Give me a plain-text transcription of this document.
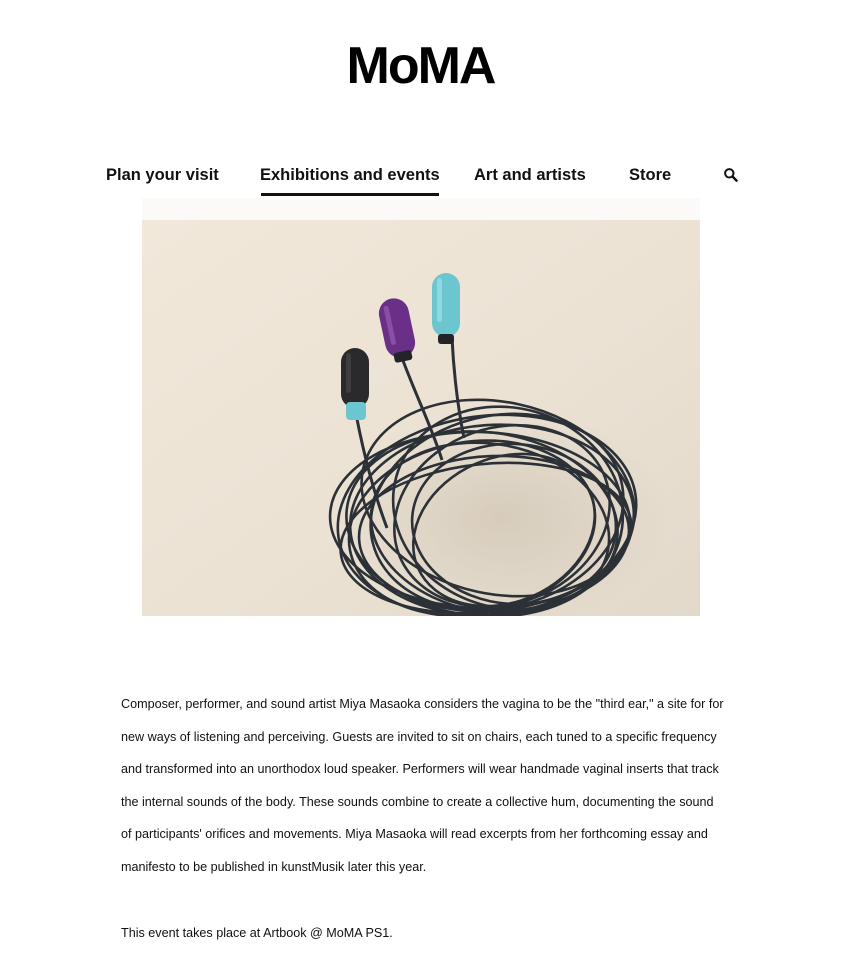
MoMA
Plan your visit Exhibitions and events Art and artists	Store

Composer, performer, and sound artist Miya Masaoka considers the vagina to be the "third ear," a site for for new ways of listening and perceiving. Guests are invited to sit on chairs, each tuned to a specific frequency and transformed into an unorthodox loud speaker. Performers will wear handmade vaginal inserts that track the internal sounds of the body. These sounds combine to create a collective hum, documenting the sound of participants' orifices and movements. Miya Masaoka will read excerpts from her forthcoming essay and manifesto to be published in kunstMusik later this year.

This event takes place at Artbook @ MoMA PS1.
